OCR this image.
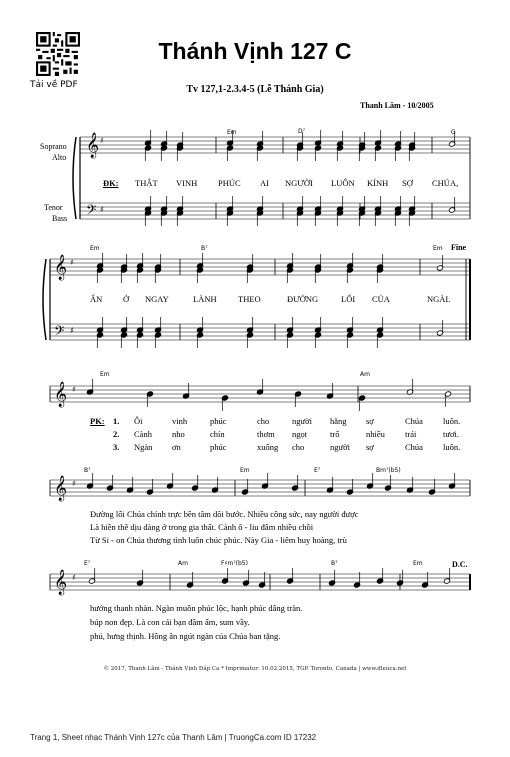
Tải về PDF
Thánh Vịnh 127 C
Tv 127,1-2.3.4-5 (Lễ Thánh Gia)
Thanh Lâm - 10/2005
𝄞
𝄢
♯
♯
𝄞
𝄢
♯
♯
𝄞 ♯
𝄞 ♯
𝄞 ♯
Soprano
Alto
Tenor
Bass
Em	D⁷	G
ĐK: THẬT VINH PHÚC AI NGƯỜI LUÔN KÍNH SỢ CHÚA,
Em	B⁷	Em Fine
ẤN Ở NGAY	LÀNH	THEO	ĐƯỜNG	LỐI CỦA	NGÀI.
Em	Am
PK: 1. Ôi	vinh	phúc	cho	người hằng sợ	Chúa luôn.
2. Cành nho	chín	thơm ngọt	trổ	nhiều trái	tươi.
3. Ngàn ơn	phúc	xuống cho	người sợ	Chúa luôn.
B⁷	Em	E⁷	Bm⁷(b5)
Đường lối Chúa chính trực bền tâm dõi bước. Nhiều công sức, nay người được
Là hiền thê dịu dàng ở trong gia thất. Cành ô - liu đâm nhiều chồi
Từ Si - on Chúa thương tình luôn chúc phúc. Này Gia - liêm huy hoàng, trù
E⁷	Am	F♯m⁷(b5)	B⁷	Em	D.C.
hưởng thanh nhàn. Ngàn muôn phúc lộc, hạnh phúc dâng tràn.
búp non đẹp. Là con cái bạn đầm ấm, sum vầy.
phú, hưng thịnh. Hồng ân ngút ngàn của Chúa ban tặng.
© 2017, Thanh Lâm - Thánh Vịnh Đáp Ca * Imprimatur: 10.02.2015, TGP. Toronto, Canada | www.dleuca.net
Trang 1, Sheet nhạc Thánh Vịnh 127c của Thanh Lâm | TruongCa.com ID 17232
